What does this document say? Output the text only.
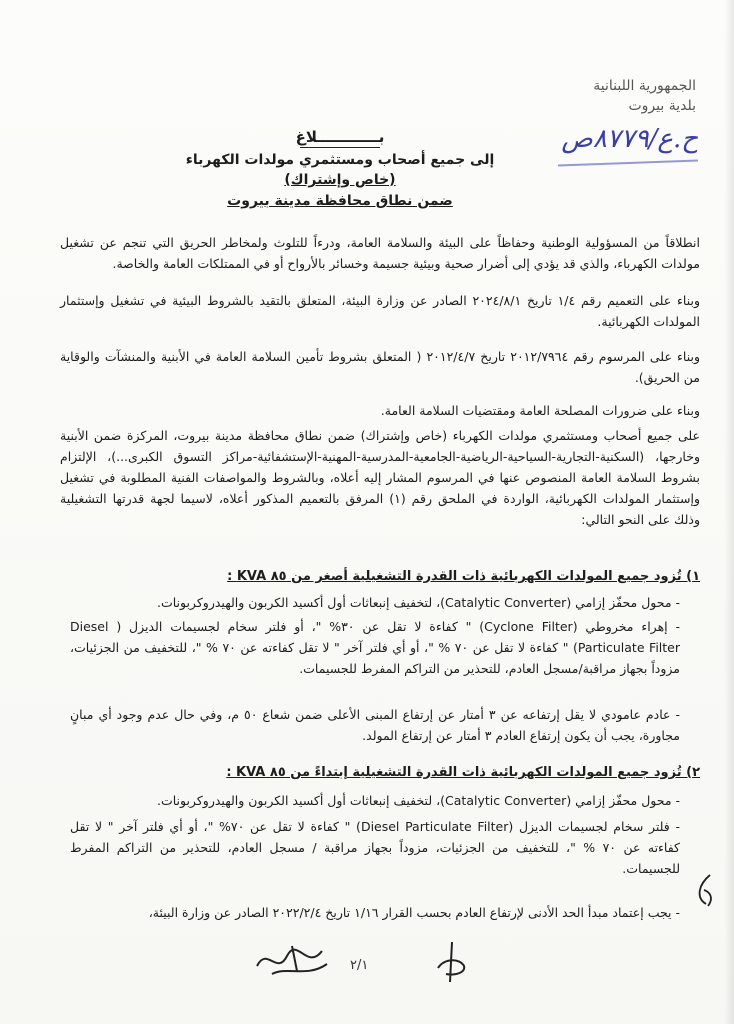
الجمهورية اللبنانية
بلدية بيروت
ح.ع/۸۷۷۹ص
بــــــــــــلاغ
إلى جميع أصحاب ومستثمري مولدات الكهرباء
(خاص وإشتراك)
ضمن نطاق محافظة مدينة بيروت
انطلاقاً من المسؤولية الوطنية وحفاظاً على البيئة والسلامة العامة، ودرءاً للتلوث ولمخاطر الحريق التي تنجم عن تشغيل مولدات الكهرباء، والذي قد يؤدي إلى أضرار صحية وبيئية جسيمة وخسائر بالأرواح أو في الممتلكات العامة والخاصة.
وبناء على التعميم رقم ١/٤ تاريخ ٢٠٢٤/٨/١ الصادر عن وزارة البيئة، المتعلق بالتقيد بالشروط البيئية في تشغيل وإستثمار المولدات الكهربائية.
وبناء على المرسوم رقم ٢٠١٢/٧٩٦٤ تاريخ ٢٠١٢/٤/٧ ( المتعلق بشروط تأمين السلامة العامة في الأبنية والمنشآت والوقاية من الحريق).
وبناء على ضرورات المصلحة العامة ومقتضيات السلامة العامة.
على جميع أصحاب ومستثمري مولدات الكهرباء (خاص وإشتراك) ضمن نطاق محافظة مدينة بيروت، المركزة ضمن الأبنية وخارجها، (السكنية-التجارية-السياحية-الرياضية-الجامعية-المدرسية-المهنية-الإستشفائية-مراكز التسوق الكبرى...)، الإلتزام بشروط السلامة العامة المنصوص عنها في المرسوم المشار إليه أعلاه، وبالشروط والمواصفات الفنية المطلوبة في تشغيل وإستثمار المولدات الكهربائية، الواردة في الملحق رقم (١) المرفق بالتعميم المذكور أعلاه، لاسيما لجهة قدرتها التشغيلية وذلك على النحو التالي:
١) تُزود جميع المولدات الكهربائية ذات القدرة التشغيلية أصغر من ٨٥ KVA :
- محول محفّز إزامي (Catalytic Converter)، لتخفيف إنبعاثات أول أكسيد الكربون والهيدروكربونات.
- إهراء مخروطي (Cyclone Filter) " كفاءة لا تقل عن ٣٠% "، أو فلتر سخام لجسيمات الديزل ( Diesel Particulate Filter) " كفاءة لا تقل عن ٧٠ % "، أو أي فلتر آخر " لا تقل كفاءته عن ٧٠ % "، للتخفيف من الجزئيات، مزوداً بجهاز مراقبة/مسجل العادم، للتحذير من التراكم المفرط للجسيمات.
- عادم عامودي لا يقل إرتفاعه عن ٣ أمتار عن إرتفاع المبنى الأعلى ضمن شعاع ٥٠ م، وفي حال عدم وجود أي مبانٍ مجاورة، يجب أن يكون إرتفاع العادم ٣ أمتار عن إرتفاع المولد.
٢) تُزود جميع المولدات الكهربائية ذات القدرة التشغيلية إبتداءً من ٨٥ KVA :
- محول محفّز إزامي (Catalytic Converter)، لتخفيف إنبعاثات أول أكسيد الكربون والهيدروكربونات.
- فلتر سخام لجسيمات الديزل (Diesel Particulate Filter) " كفاءة لا تقل عن ٧٠% "، أو أي فلتر آخر " لا تقل كفاءته عن ٧٠ % "، للتخفيف من الجزئيات، مزوداً بجهاز مراقبة / مسجل العادم، للتحذير من التراكم المفرط للجسيمات.
- يجب إعتماد مبدأ الحد الأدنى لإرتفاع العادم بحسب القرار ١/١٦ تاريخ ٢٠٢٢/٢/٤ الصادر عن وزارة البيئة،
٢/١
